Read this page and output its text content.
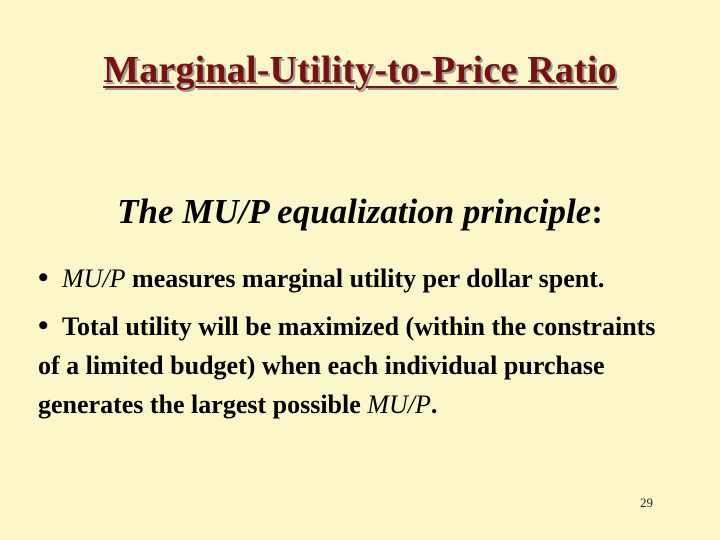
Marginal-Utility-to-Price Ratio
The MU/P equalization principle:

• MU/P measures marginal utility per dollar spent.

• Total utility will be maximized (within the constraints of a limited budget) when each individual purchase generates the largest possible MU/P.

29
